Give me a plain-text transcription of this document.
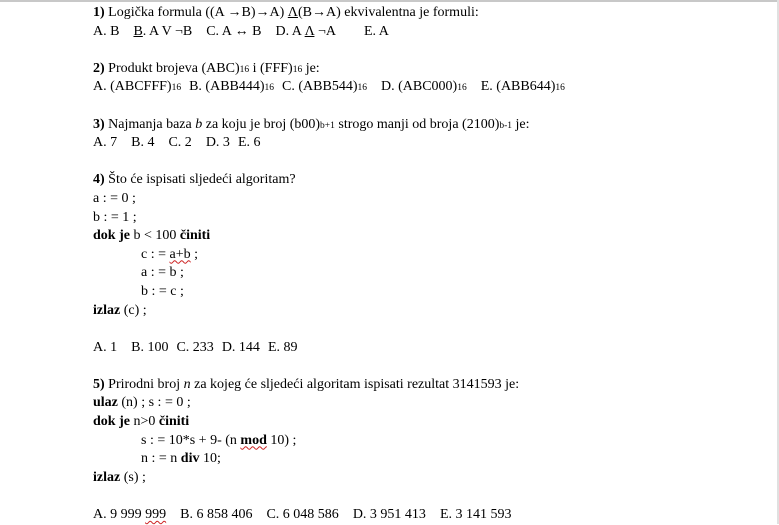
1) Logička formula ((A →B)→A) Λ(B→A) ekvivalentna je formuli:
A. B B. A V ¬B C. A ↔ B D. A Λ ¬A E. A
2) Produkt brojeva (ABC)16 i (FFF)16 je:
A. (ABCFFF)16 B. (ABB444)16 C. (ABB544)16 D. (ABC000)16 E. (ABB644)16
3) Najmanja baza b za koju je broj (b00)b+1 strogo manji od broja (2100)b-1 je:
A. 7 B. 4 C. 2 D. 3 E. 6
4) Što će ispisati sljedeći algoritam?
a : = 0 ;
b : = 1 ;
dok je b < 100 činiti
c : = a+b ;
a : = b ;
b : = c ;
izlaz (c) ;
A. 1 B. 100 C. 233 D. 144 E. 89
5) Prirodni broj n za kojeg će sljedeći algoritam ispisati rezultat 3141593 je:
ulaz (n) ; s : = 0 ;
dok je n>0 činiti
s : = 10*s + 9- (n mod 10) ;
n : = n div 10;
izlaz (s) ;
A. 9 999 999 B. 6 858 406 C. 6 048 586 D. 3 951 413 E. 3 141 593
